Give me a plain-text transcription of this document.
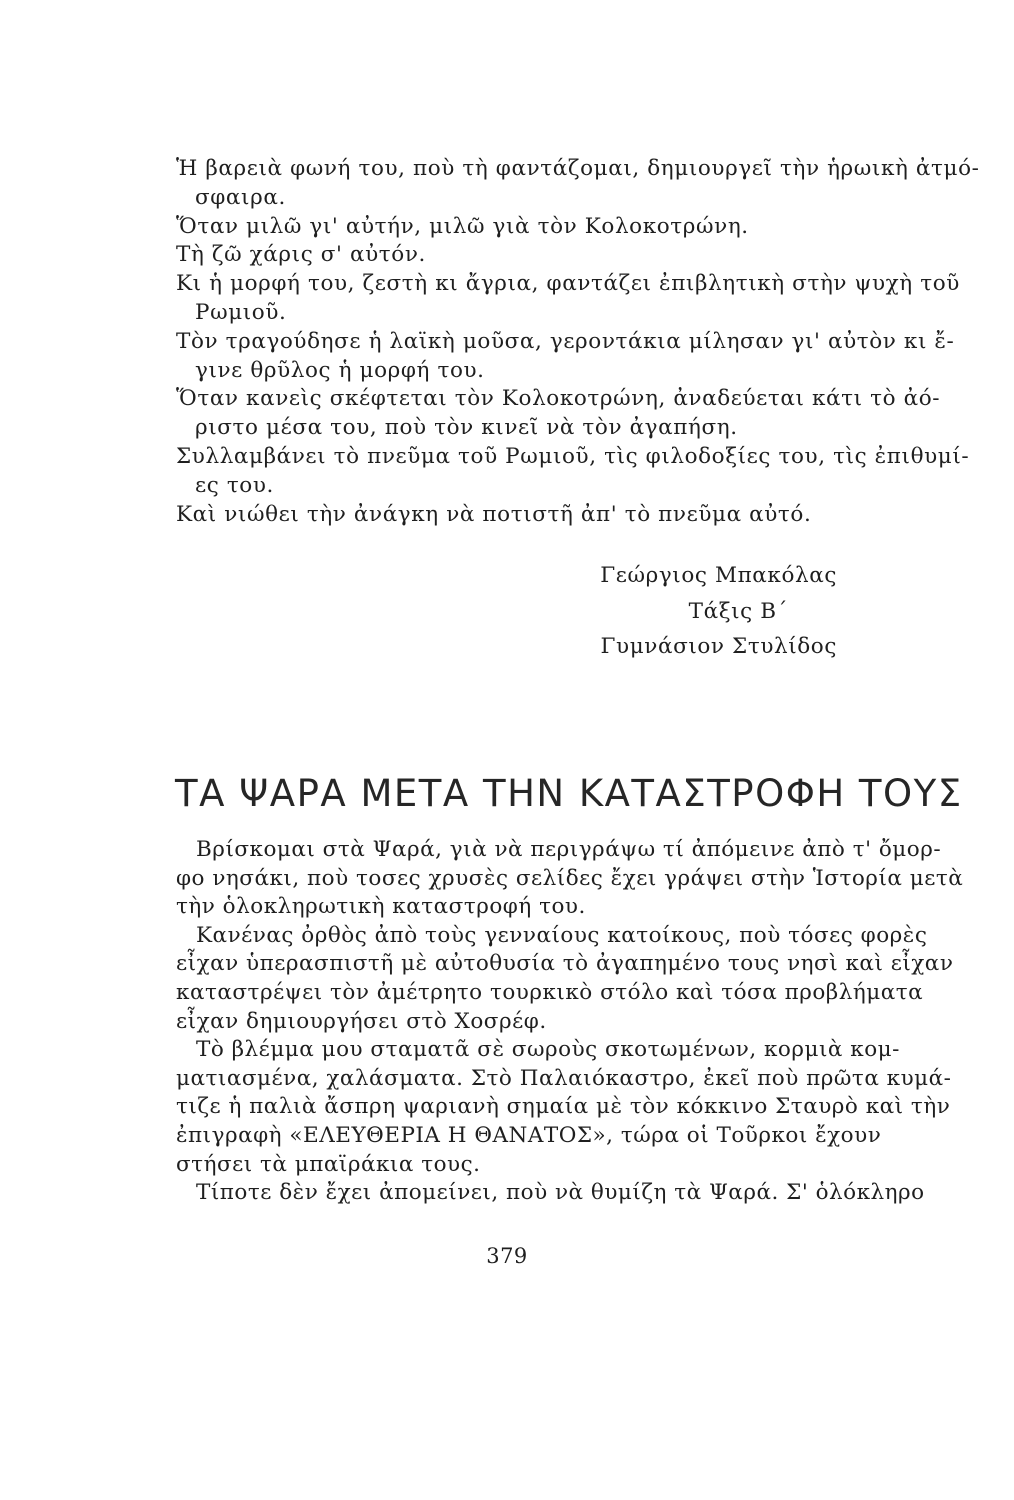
Ἡ βαρειὰ φωνή του, ποὺ τὴ φαντάζομαι, δημιουργεῖ τὴν ἡρωικὴ ἀτμό-
σφαιρα.
Ὅταν μιλῶ γι' αὐτήν, μιλῶ γιὰ τὸν Κολοκοτρώνη.
Τὴ ζῶ χάρις σ' αὐτόν.
Κι ἡ μορφή του, ζεστὴ κι ἄγρια, φαντάζει ἐπιβλητικὴ στὴν ψυχὴ τοῦ
Ρωμιοῦ.
Τὸν τραγούδησε ἡ λαϊκὴ μοῦσα, γεροντάκια μίλησαν γι' αὐτὸν κι ἔ-
γινε θρῦλος ἡ μορφή του.
Ὅταν κανεὶς σκέφτεται τὸν Κολοκοτρώνη, ἀναδεύεται κάτι τὸ ἀό-
ριστο μέσα του, ποὺ τὸν κινεῖ νὰ τὸν ἀγαπήση.
Συλλαμβάνει τὸ πνεῦμα τοῦ Ρωμιοῦ, τὶς φιλοδοξίες του, τὶς ἐπιθυμί-
ες του.
Καὶ νιώθει τὴν ἀνάγκη νὰ ποτιστῆ ἀπ' τὸ πνεῦμα αὐτό.
Γεώργιος Μπακόλας
Τάξις Β΄
Γυμνάσιον Στυλίδος
ΤΑ ΨΑΡΑ ΜΕΤΑ ΤΗΝ ΚΑΤΑΣΤΡΟΦΗ ΤΟΥΣ
Βρίσκομαι στὰ Ψαρά, γιὰ νὰ περιγράψω τί ἀπόμεινε ἀπὸ τ' ὄμορ-
φο νησάκι, ποὺ τοσες χρυσὲς σελίδες ἔχει γράψει στὴν Ἱστορία μετὰ
τὴν ὁλοκληρωτικὴ καταστροφή του.
Κανένας ὀρθὸς ἀπὸ τοὺς γενναίους κατοίκους, ποὺ τόσες φορὲς
εἶχαν ὑπερασπιστῆ μὲ αὐτοθυσία τὸ ἀγαπημένο τους νησὶ καὶ εἶχαν
καταστρέψει τὸν ἀμέτρητο τουρκικὸ στόλο καὶ τόσα προβλήματα
εἶχαν δημιουργήσει στὸ Χοσρέφ.
Τὸ βλέμμα μου σταματᾶ σὲ σωροὺς σκοτωμένων, κορμιὰ κομ-
ματιασμένα, χαλάσματα. Στὸ Παλαιόκαστρο, ἐκεῖ ποὺ πρῶτα κυμά-
τιζε ἡ παλιὰ ἄσπρη ψαριανὴ σημαία μὲ τὸν κόκκινο Σταυρὸ καὶ τὴν
ἐπιγραφὴ «ΕΛΕΥΘΕΡΙΑ Η ΘΑΝΑΤΟΣ», τώρα οἱ Τοῦρκοι ἔχουν
στήσει τὰ μπαϊράκια τους.
Τίποτε δὲν ἔχει ἀπομείνει, ποὺ νὰ θυμίζη τὰ Ψαρά. Σ' ὁλόκληρο
379
